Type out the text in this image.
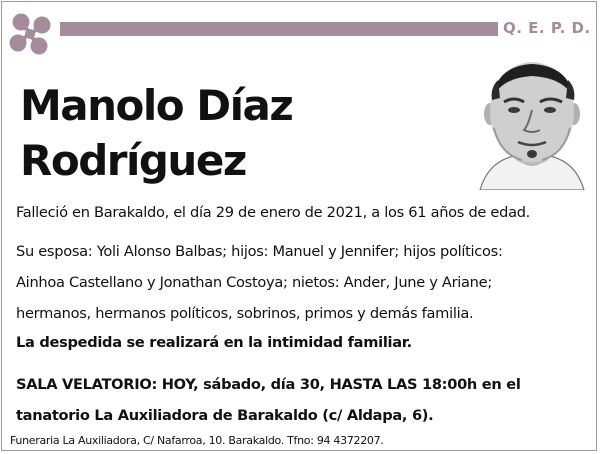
Q. E. P. D.
Manolo Díaz
Rodríguez
Falleció en Barakaldo, el día 29 de enero de 2021, a los 61 años de edad.
Su esposa: Yoli Alonso Balbas; hijos: Manuel y Jennifer; hijos políticos:
Ainhoa Castellano y Jonathan Costoya; nietos: Ander, June y Ariane;
hermanos, hermanos políticos, sobrinos, primos y demás familia.
La despedida se realizará en la intimidad familiar.
SALA VELATORIO: HOY, sábado, día 30, HASTA LAS 18:00h en el
tanatorio La Auxiliadora de Barakaldo (c/ Aldapa, 6).
Funeraria La Auxiliadora, C/ Nafarroa, 10. Barakaldo. Tfno: 94 4372207.
